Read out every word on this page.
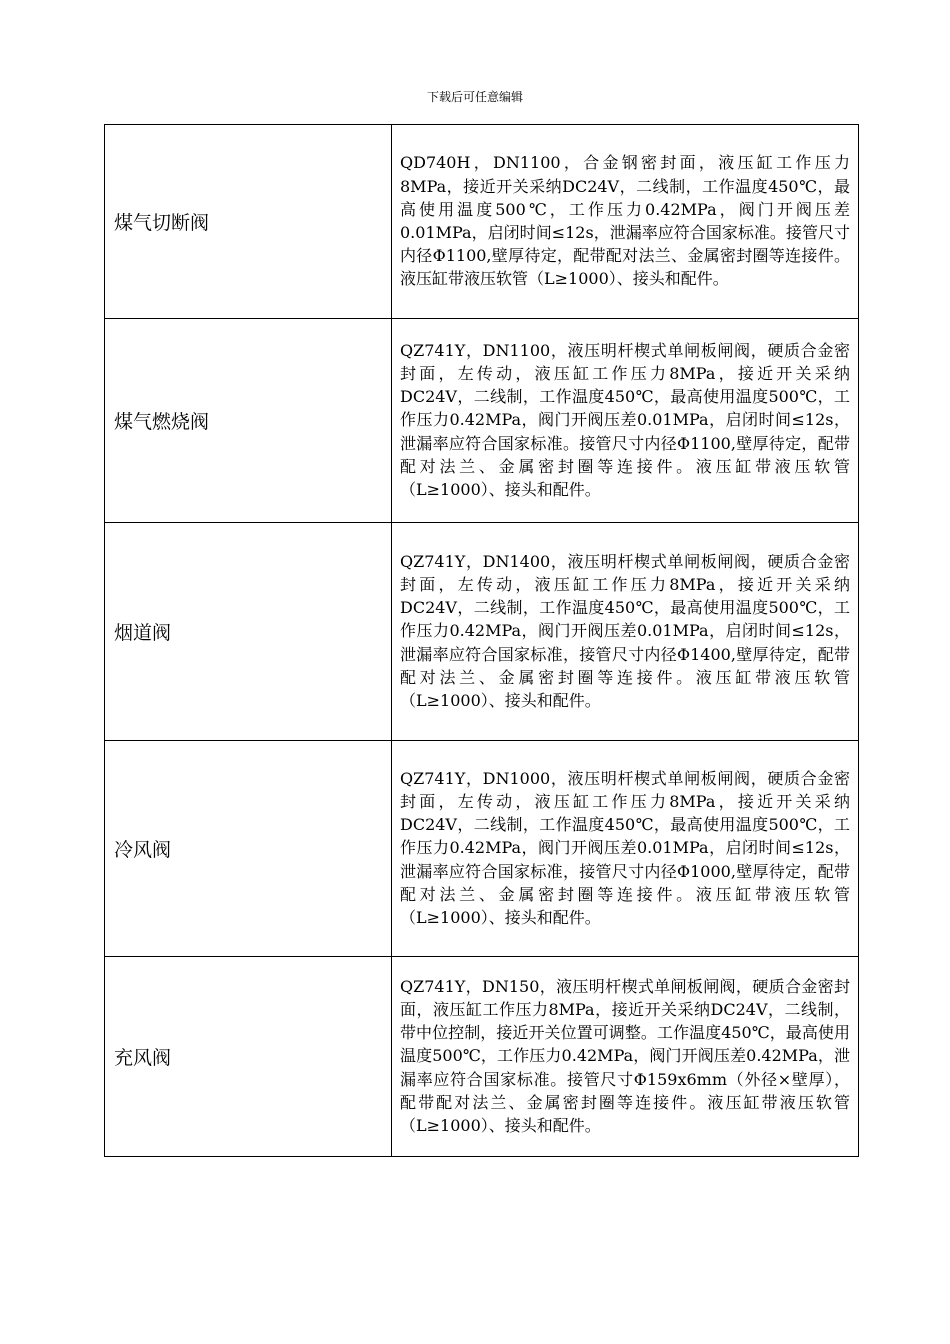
下载后可任意编辑
煤气切断阀	QD740H，DN1100，合金钢密封面，液压缸工作压力8MPa，接近开关采纳DC24V，二线制，工作温度450℃，最高使用温度500℃，工作压力0.42MPa，阀门开阀压差0.01MPa，启闭时间≤12s，泄漏率应符合国家标准。接管尺寸内径Φ1100,壁厚待定，配带配对法兰、金属密封圈等连接件。液压缸带液压软管（L≥1000）、接头和配件。
煤气燃烧阀	QZ741Y，DN1100，液压明杆楔式单闸板闸阀，硬质合金密封面，左传动，液压缸工作压力8MPa，接近开关采纳DC24V，二线制，工作温度450℃，最高使用温度500℃，工作压力0.42MPa，阀门开阀压差0.01MPa，启闭时间≤12s，泄漏率应符合国家标准。接管尺寸内径Φ1100,壁厚待定，配带配对法兰、金属密封圈等连接件。液压缸带液压软管（L≥1000）、接头和配件。
烟道阀	QZ741Y，DN1400，液压明杆楔式单闸板闸阀，硬质合金密封面，左传动，液压缸工作压力8MPa，接近开关采纳DC24V，二线制，工作温度450℃，最高使用温度500℃，工作压力0.42MPa，阀门开阀压差0.01MPa，启闭时间≤12s，泄漏率应符合国家标准，接管尺寸内径Φ1400,壁厚待定，配带配对法兰、金属密封圈等连接件。液压缸带液压软管（L≥1000）、接头和配件。
冷风阀	QZ741Y，DN1000，液压明杆楔式单闸板闸阀，硬质合金密封面，左传动，液压缸工作压力8MPa，接近开关采纳DC24V，二线制，工作温度450℃，最高使用温度500℃，工作压力0.42MPa，阀门开阀压差0.01MPa，启闭时间≤12s，泄漏率应符合国家标准，接管尺寸内径Φ1000,壁厚待定，配带配对法兰、金属密封圈等连接件。液压缸带液压软管（L≥1000）、接头和配件。
充风阀	QZ741Y，DN150，液压明杆楔式单闸板闸阀，硬质合金密封面，液压缸工作压力8MPa，接近开关采纳DC24V，二线制，带中位控制，接近开关位置可调整。工作温度450℃，最高使用温度500℃，工作压力0.42MPa，阀门开阀压差0.42MPa，泄漏率应符合国家标准。接管尺寸Φ159x6mm（外径×壁厚），配带配对法兰、金属密封圈等连接件。液压缸带液压软管（L≥1000）、接头和配件。
